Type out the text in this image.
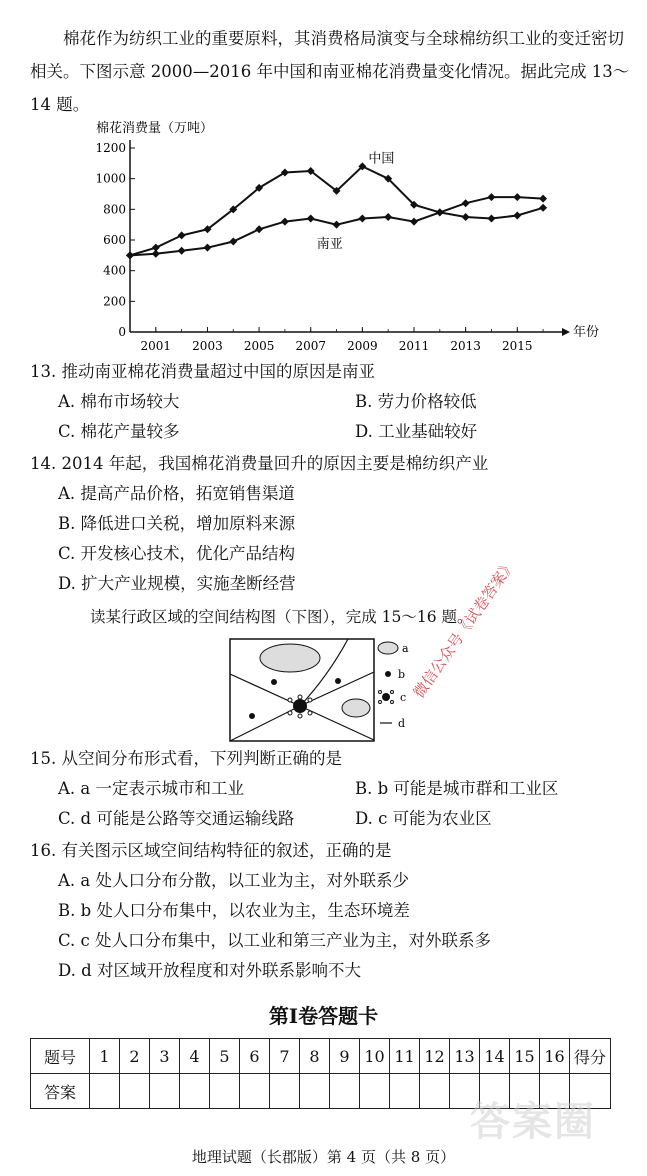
棉花作为纺织工业的重要原料，其消费格局演变与全球棉纺织工业的变迁密切相关。下图示意 2000—2016 年中国和南亚棉花消费量变化情况。据此完成 13～14 题。
棉花消费量（万吨）
年份
0
200
400
600
800
1000
1200
2001 2003 2005 2007 2009 2011 2013 2015
中国
南亚
13. 推动南亚棉花消费量超过中国的原因是南亚
A. 棉布市场较大	B. 劳力价格较低
C. 棉花产量较多	D. 工业基础较好
14. 2014 年起，我国棉花消费量回升的原因主要是棉纺织产业
A. 提高产品价格，拓宽销售渠道
B. 降低进口关税，增加原料来源
C. 开发核心技术，优化产品结构
D. 扩大产业规模，实施垄断经营
读某行政区域的空间结构图（下图），完成 15～16 题。
微信公众号《试卷答案》
a
b
c
d
15. 从空间分布形式看，下列判断正确的是
A. a 一定表示城市和工业	B. b 可能是城市群和工业区
C. d 可能是公路等交通运输线路	D. c 可能为农业区
16. 有关图示区域空间结构特征的叙述，正确的是
A. a 处人口分布分散，以工业为主，对外联系少
B. b 处人口分布集中，以农业为主，生态环境差
C. c 处人口分布集中，以工业和第三产业为主，对外联系多
D. d 对区域开放程度和对外联系影响不大
第Ⅰ卷答题卡
题号	1	2	3	4	5	6	7	8	9	10	11	12	13	14	15	16	得分
答案																	
答案圈
地理试题（长郡版）第 4 页（共 8 页）
